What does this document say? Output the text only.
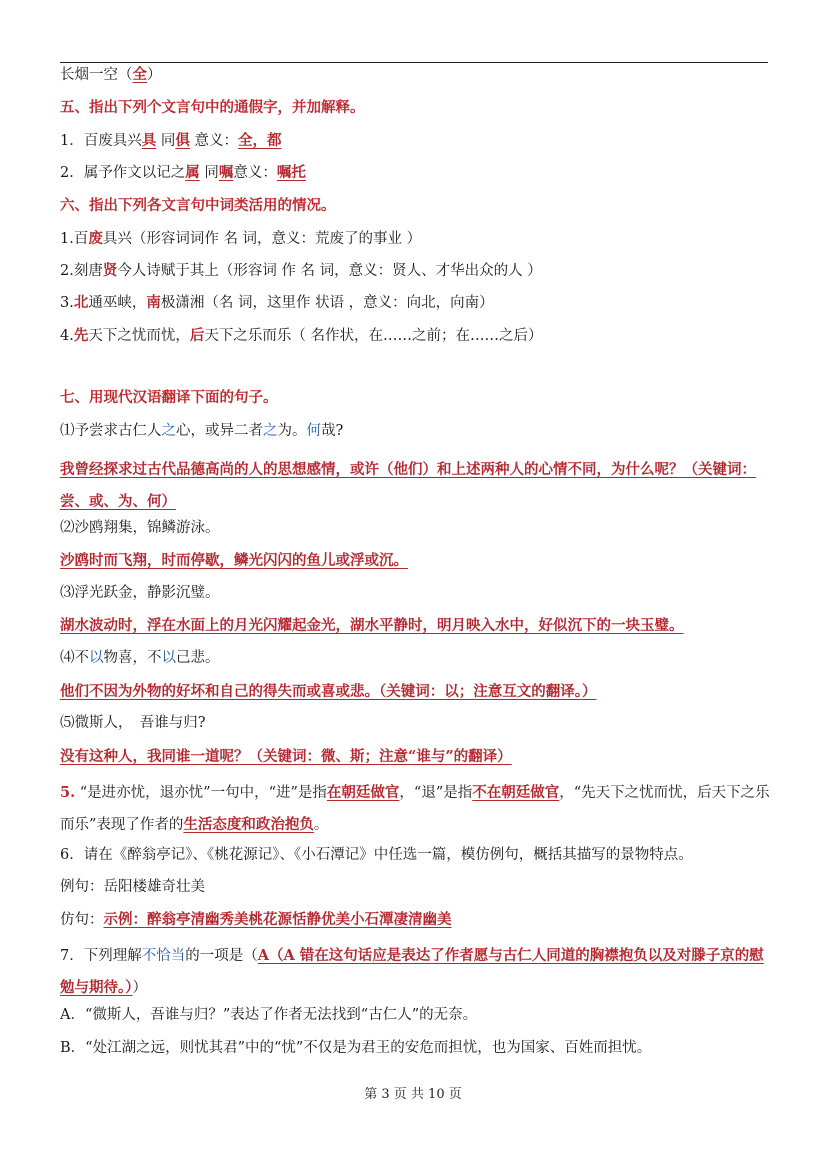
长烟一空（全）
五、指出下列个文言句中的通假字，并加解释。
1．百废具兴具 同俱 意义：全，都
2．属予作文以记之属 同嘱意义：嘱托
六、指出下列各文言句中词类活用的情况。
1.百废具兴（形容词词作 名 词，意义：荒废了的事业 ）
2.刻唐贤今人诗赋于其上（形容词 作 名 词，意义：贤人、才华出众的人 ）
3.北通巫峡，南极潇湘（名 词，这里作 状语 ，意义：向北，向南）
4.先天下之忧而忧，后天下之乐而乐（ 名作状，在……之前；在……之后）
七、用现代汉语翻译下面的句子。
⑴予尝求古仁人之心，或异二者之为。何哉?
我曾经探求过古代品德高尚的人的思想感情，或许（他们）和上述两种人的心情不同，为什么呢？（关键词：尝、或、为、何）
⑵沙鸥翔集，锦鳞游泳。
沙鸥时而飞翔，时而停歇，鳞光闪闪的鱼儿或浮或沉。
⑶浮光跃金，静影沉璧。
湖水波动时，浮在水面上的月光闪耀起金光，湖水平静时，明月映入水中，好似沉下的一块玉璧。
⑷不以物喜，不以己悲。
他们不因为外物的好坏和自己的得失而或喜或悲。（关键词：以；注意互文的翻译。）
⑸微斯人，　吾谁与归?
没有这种人，我同谁一道呢？（关键词：微、斯；注意“谁与”的翻译）
5. “是进亦忧，退亦忧”一句中，“进”是指在朝廷做官，“退”是指不在朝廷做官，“先天下之忧而忧，后天下之乐而乐”表现了作者的生活态度和政治抱负。
6．请在《醉翁亭记》、《桃花源记》、《小石潭记》中任选一篇，模仿例句，概括其描写的景物特点。
例句：岳阳楼雄奇壮美
仿句：示例：醉翁亭清幽秀美桃花源恬静优美小石潭凄清幽美
7．下列理解不恰当的一项是（A（A 错在这句话应是表达了作者愿与古仁人同道的胸襟抱负以及对滕子京的慰勉与期待。））
A．“微斯人，吾谁与归？”表达了作者无法找到“古仁人”的无奈。
B．“处江湖之远，则忧其君”中的“忧”不仅是为君王的安危而担忧，也为国家、百姓而担忧。
第 3 页 共 10 页
